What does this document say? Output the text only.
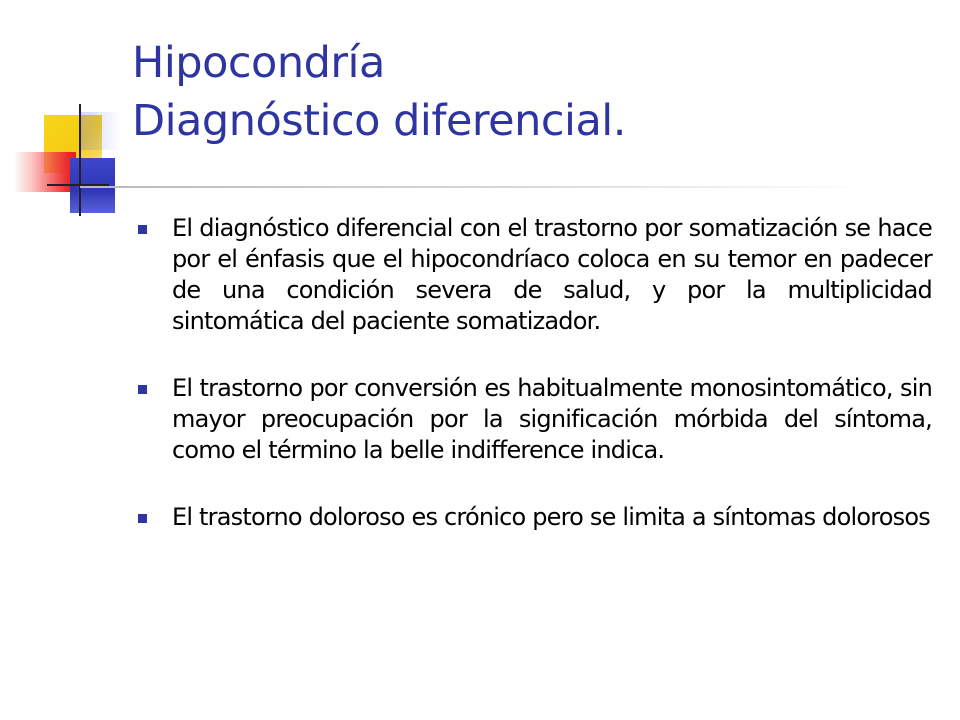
Hipocondría
Diagnóstico diferencial.
El diagnóstico diferencial con el trastorno por somatización se hace por el énfasis que el hipocondríaco coloca en su temor en padecer de una condición severa de salud, y por la multiplicidad sintomática del paciente somatizador.
El trastorno por conversión es habitualmente monosintomático, sin mayor preocupación por la significación mórbida del síntoma, como el término la belle indifference indica.
El trastorno doloroso es crónico pero se limita a síntomas dolorosos
